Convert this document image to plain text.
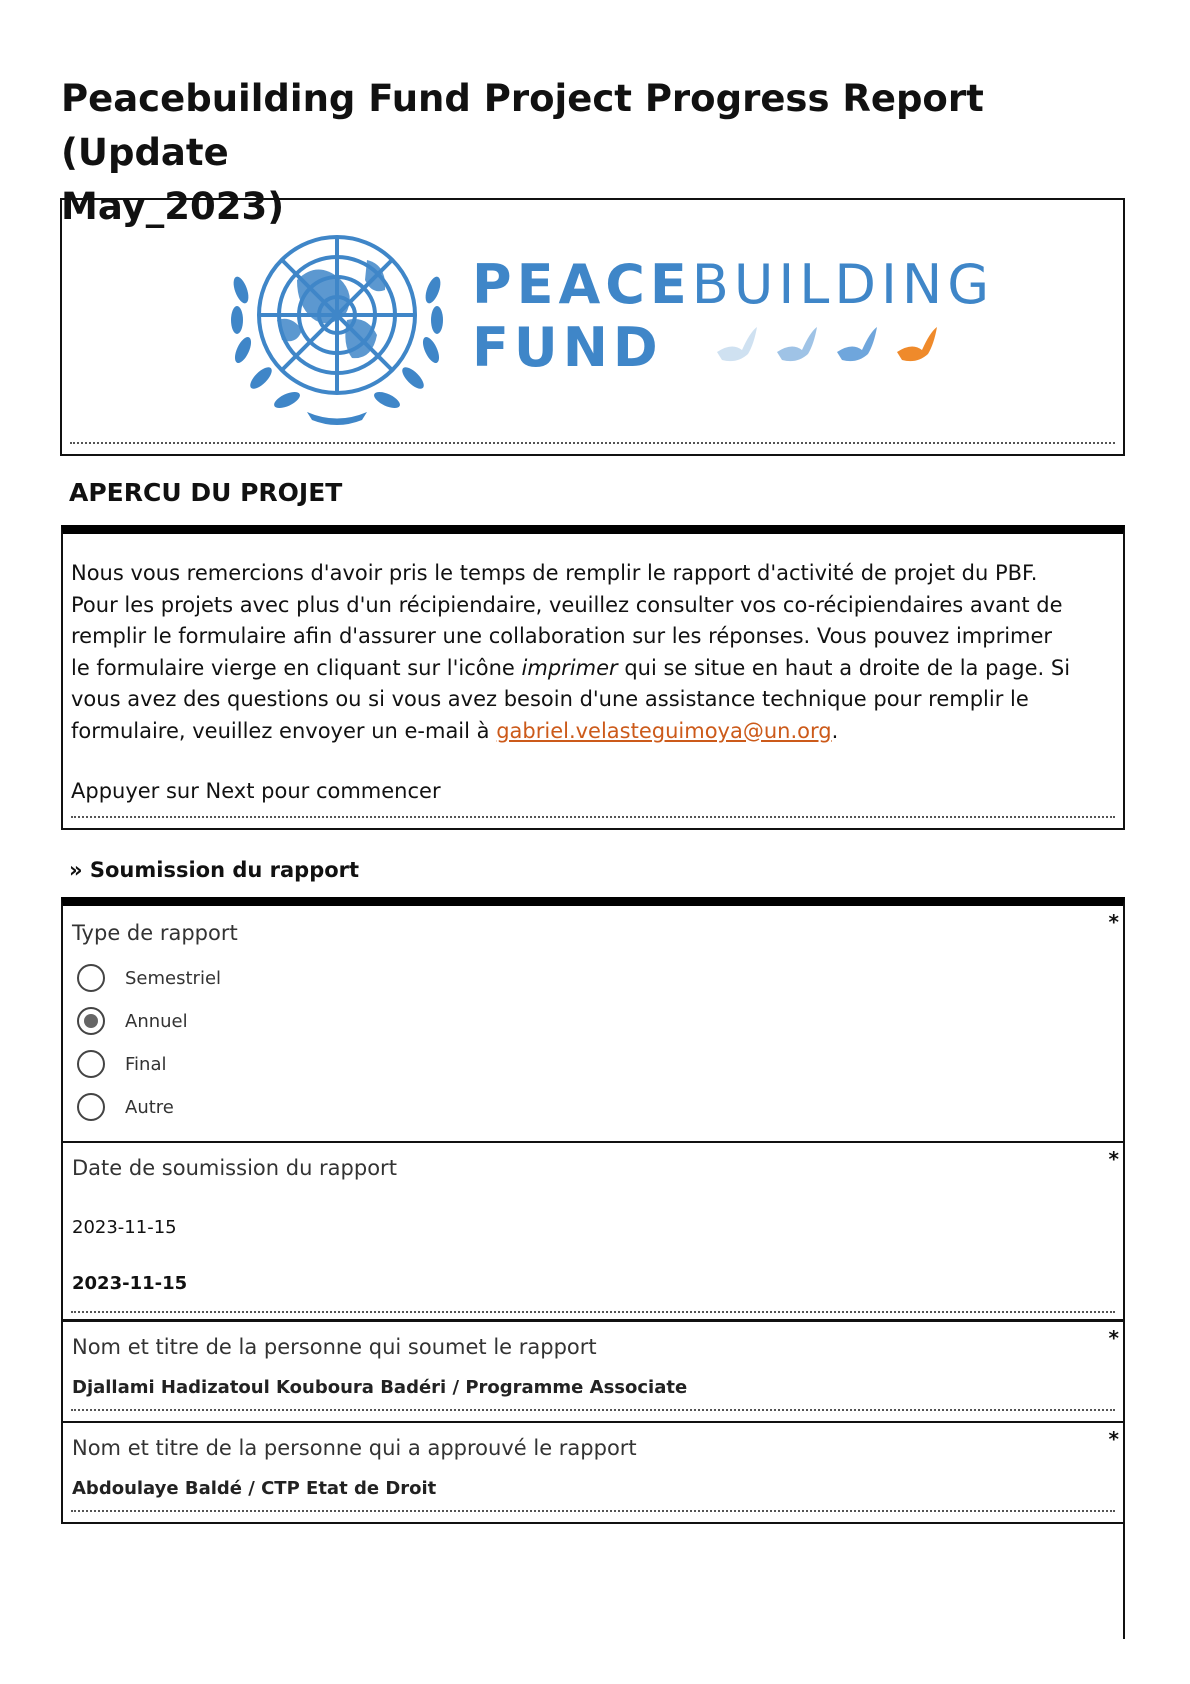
Peacebuilding Fund Project Progress Report (Update
May_2023)
PEACEBUILDING
FUND
APERCU DU PROJET

Nous vous remercions d'avoir pris le temps de remplir le rapport d'activité de projet du PBF. Pour les projets avec plus d'un récipiendaire, veuillez consulter vos co-récipiendaires avant de remplir le formulaire afin d'assurer une collaboration sur les réponses. Vous pouvez imprimer le formulaire vierge en cliquant sur l'icône imprimer qui se situe en haut a droite de la page. Si vous avez des questions ou si vous avez besoin d'une assistance technique pour remplir le formulaire, veuillez envoyer un e-mail à gabriel.velasteguimoya@un.org.

Appuyer sur Next pour commencer

» Soumission du rapport
*

Type de rapport

Semestriel
Annuel
Final
Autre
*

Date de soumission du rapport

2023-11-15

2023-11-15

*

Nom et titre de la personne qui soumet le rapport

Djallami Hadizatoul Kouboura Badéri / Programme Associate

*

Nom et titre de la personne qui a approuvé le rapport

Abdoulaye Baldé / CTP Etat de Droit
